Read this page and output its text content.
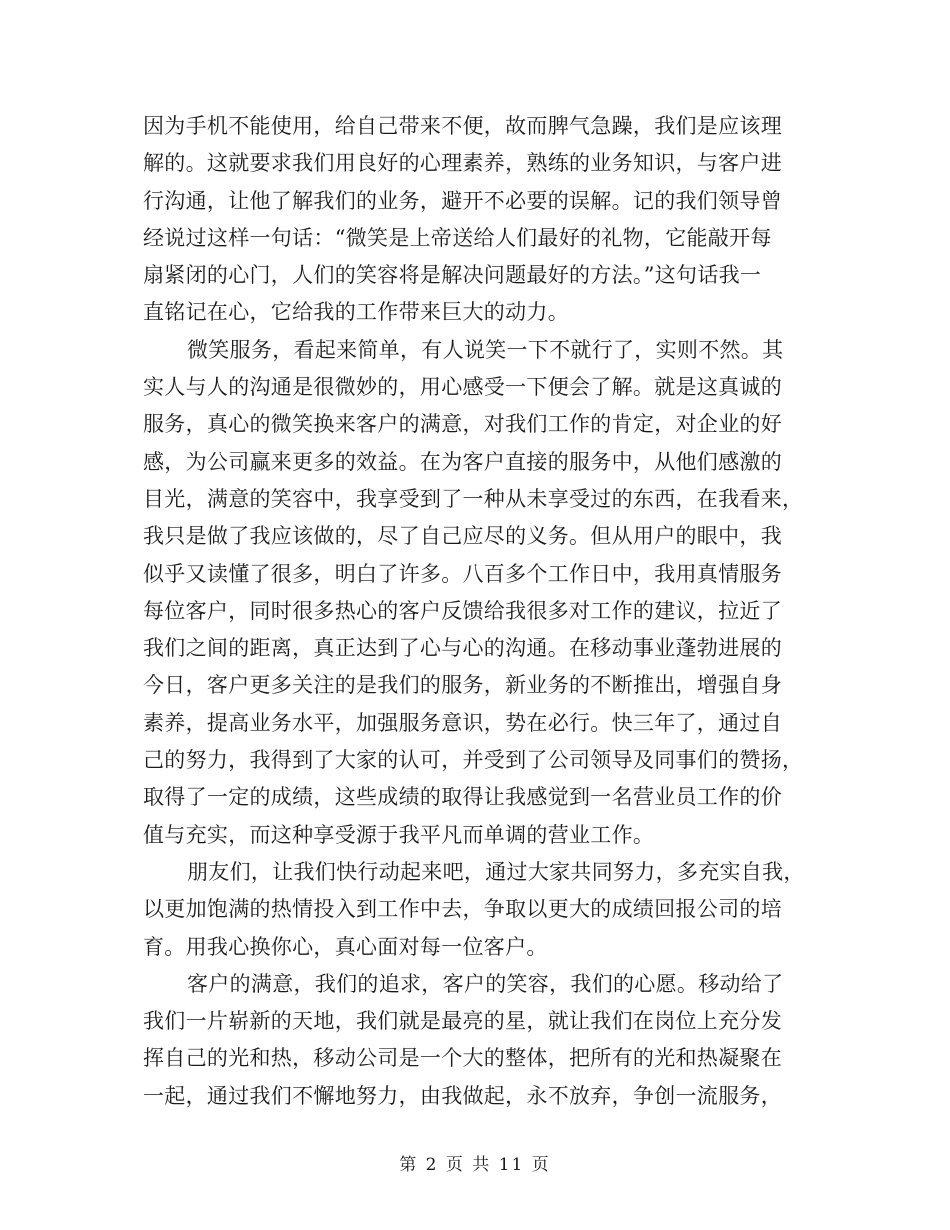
因为手机不能使用，给自己带来不便，故而脾气急躁，我们是应该理
解的。这就要求我们用良好的心理素养，熟练的业务知识，与客户进
行沟通，让他了解我们的业务，避开不必要的误解。记的我们领导曾
经说过这样一句话：“微笑是上帝送给人们最好的礼物，它能敲开每
扇紧闭的心门，人们的笑容将是解决问题最好的方法。”这句话我一
直铭记在心，它给我的工作带来巨大的动力。
微笑服务，看起来简单，有人说笑一下不就行了，实则不然。其
实人与人的沟通是很微妙的，用心感受一下便会了解。就是这真诚的
服务，真心的微笑换来客户的满意，对我们工作的肯定，对企业的好
感，为公司赢来更多的效益。在为客户直接的服务中，从他们感激的
目光，满意的笑容中，我享受到了一种从未享受过的东西，在我看来，
我只是做了我应该做的，尽了自己应尽的义务。但从用户的眼中，我
似乎又读懂了很多，明白了许多。八百多个工作日中，我用真情服务
每位客户，同时很多热心的客户反馈给我很多对工作的建议，拉近了
我们之间的距离，真正达到了心与心的沟通。在移动事业蓬勃进展的
今日，客户更多关注的是我们的服务，新业务的不断推出，增强自身
素养，提高业务水平，加强服务意识，势在必行。快三年了，通过自
己的努力，我得到了大家的认可，并受到了公司领导及同事们的赞扬，
取得了一定的成绩，这些成绩的取得让我感觉到一名营业员工作的价
值与充实，而这种享受源于我平凡而单调的营业工作。
朋友们，让我们快行动起来吧，通过大家共同努力，多充实自我，
以更加饱满的热情投入到工作中去，争取以更大的成绩回报公司的培
育。用我心换你心，真心面对每一位客户。
客户的满意，我们的追求，客户的笑容，我们的心愿。移动给了
我们一片崭新的天地，我们就是最亮的星，就让我们在岗位上充分发
挥自己的光和热，移动公司是一个大的整体，把所有的光和热凝聚在
一起，通过我们不懈地努力，由我做起，永不放弃，争创一流服务，
第 2 页 共 11 页
